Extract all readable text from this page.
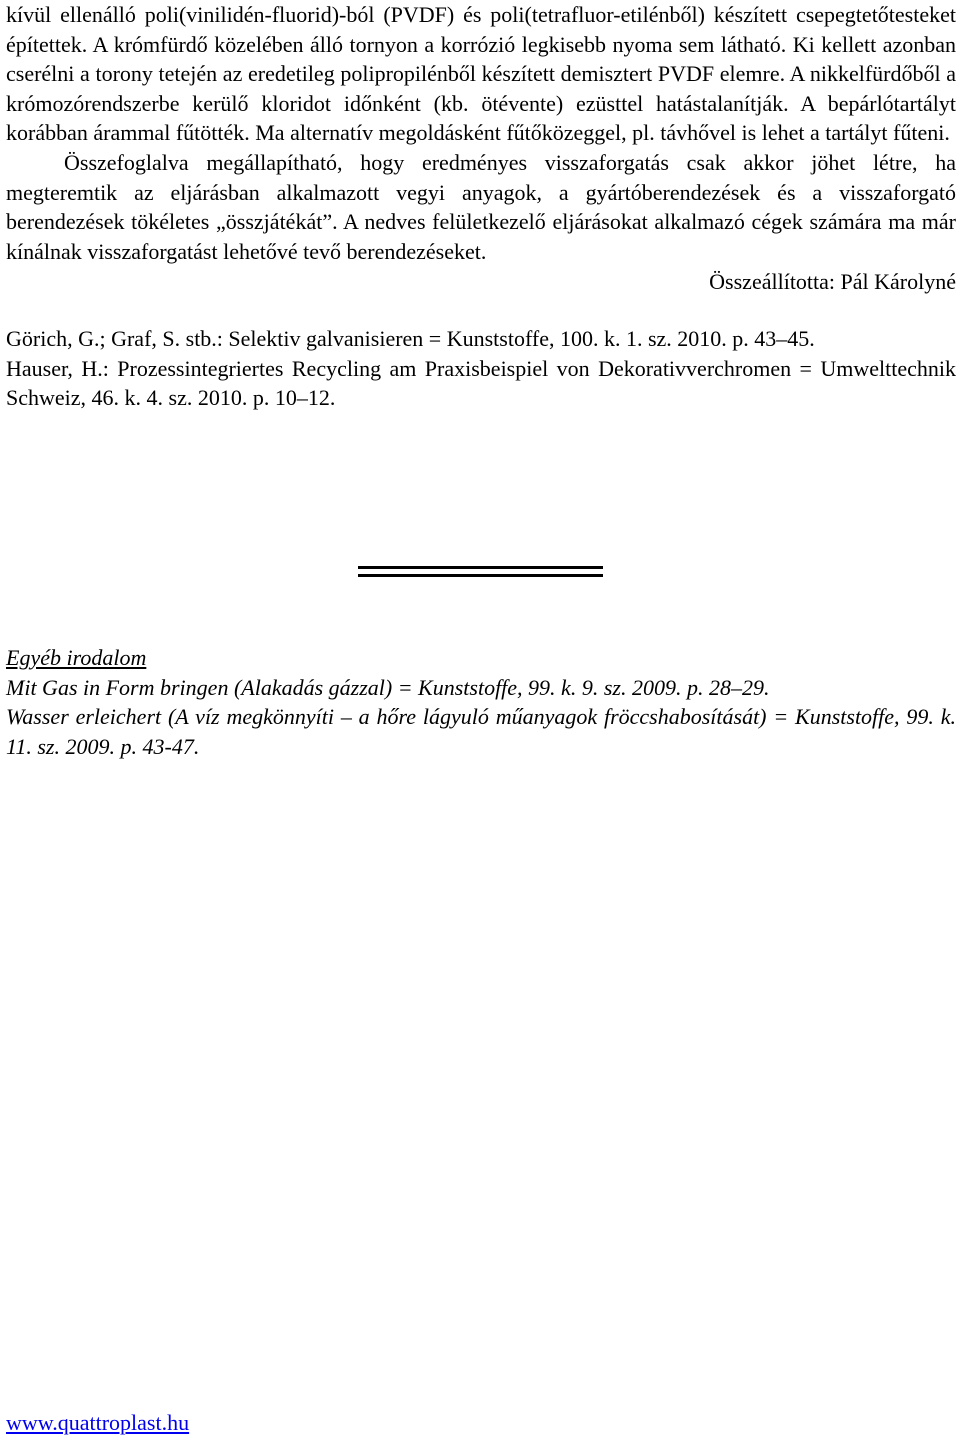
kívül ellenálló poli(vinilidén-fluorid)-ból (PVDF) és poli(tetrafluor-etilénből) készített csepegtetőtesteket építettek. A krómfürdő közelében álló tornyon a korrózió legkisebb nyoma sem látható. Ki kellett azonban cserélni a torony tetején az eredetileg polipropilénből készített demisztert PVDF elemre. A nikkelfürdőből a krómozórendszerbe kerülő kloridot időnként (kb. ötévente) ezüsttel hatástalanítják. A bepárlótartályt korábban árammal fűtötték. Ma alternatív megoldásként fűtőközeggel, pl. távhővel is lehet a tartályt fűteni.

Összefoglalva megállapítható, hogy eredményes visszaforgatás csak akkor jöhet létre, ha megteremtik az eljárásban alkalmazott vegyi anyagok, a gyártóberendezések és a visszaforgató berendezések tökéletes „összjátékát”. A nedves felületkezelő eljárásokat alkalmazó cégek számára ma már kínálnak visszaforgatást lehetővé tevő berendezéseket.

Összeállította: Pál Károlyné

Görich, G.; Graf, S. stb.: Selektiv galvanisieren = Kunststoffe, 100. k. 1. sz. 2010. p. 43–45.

Hauser, H.: Prozessintegriertes Recycling am Praxisbeispiel von Dekorativverchromen = Umwelttechnik Schweiz, 46. k. 4. sz. 2010. p. 10–12.

Egyéb irodalom

Mit Gas in Form bringen (Alakadás gázzal) = Kunststoffe, 99. k. 9. sz. 2009. p. 28–29.

Wasser erleichert (A víz megkönnyíti – a hőre lágyuló műanyagok fröccshabosítását) = Kunststoffe, 99. k. 11. sz. 2009. p. 43-47.

www.quattroplast.hu
